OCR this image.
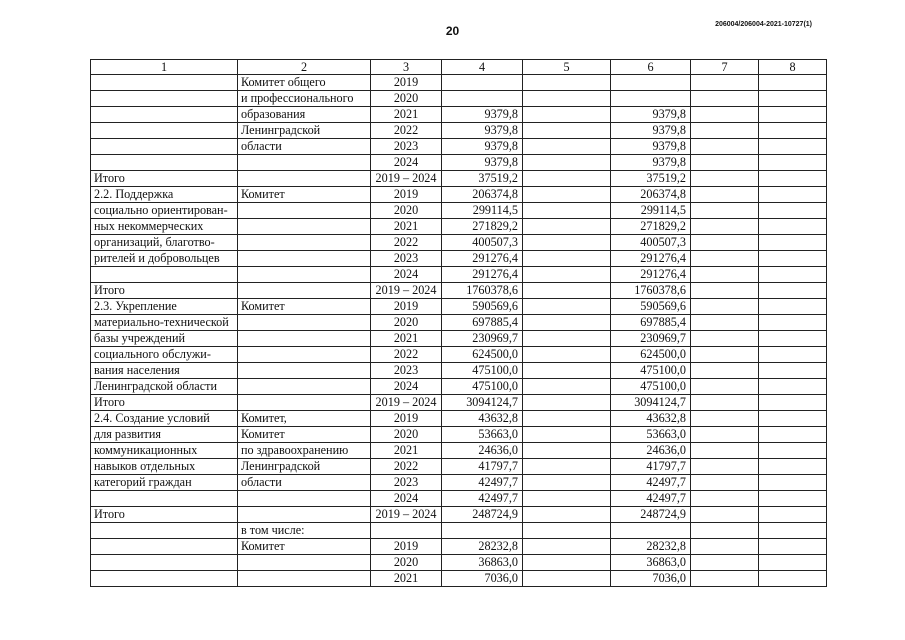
20	206004/206004-2021-10727(1)
1	2	3	4	5	6	7	8
	Комитет общего	2019					
	и профессионального	2020					
	образования	2021	9379,8		9379,8		
	Ленинградской	2022	9379,8		9379,8		
	области	2023	9379,8		9379,8		
		2024	9379,8		9379,8		
Итого		2019 – 2024	37519,2		37519,2		
2.2. Поддержка	Комитет	2019	206374,8		206374,8		
социально ориентирован-		2020	299114,5		299114,5		
ных некоммерческих		2021	271829,2		271829,2		
организаций, благотво-		2022	400507,3		400507,3		
рителей и добровольцев		2023	291276,4		291276,4		
		2024	291276,4		291276,4		
Итого		2019 – 2024	1760378,6		1760378,6		
2.3. Укрепление	Комитет	2019	590569,6		590569,6		
материально-технической		2020	697885,4		697885,4		
базы учреждений		2021	230969,7		230969,7		
социального обслужи-		2022	624500,0		624500,0		
вания населения		2023	475100,0		475100,0		
Ленинградской области		2024	475100,0		475100,0		
Итого		2019 – 2024	3094124,7		3094124,7		
2.4. Создание условий	Комитет,	2019	43632,8		43632,8		
для развития	Комитет	2020	53663,0		53663,0		
коммуникационных	по здравоохранению	2021	24636,0		24636,0		
навыков отдельных	Ленинградской	2022	41797,7		41797,7		
категорий граждан	области	2023	42497,7		42497,7		
		2024	42497,7		42497,7		
Итого		2019 – 2024	248724,9		248724,9		
	в том числе:						
	Комитет	2019	28232,8		28232,8		
		2020	36863,0		36863,0		
		2021	7036,0		7036,0		
